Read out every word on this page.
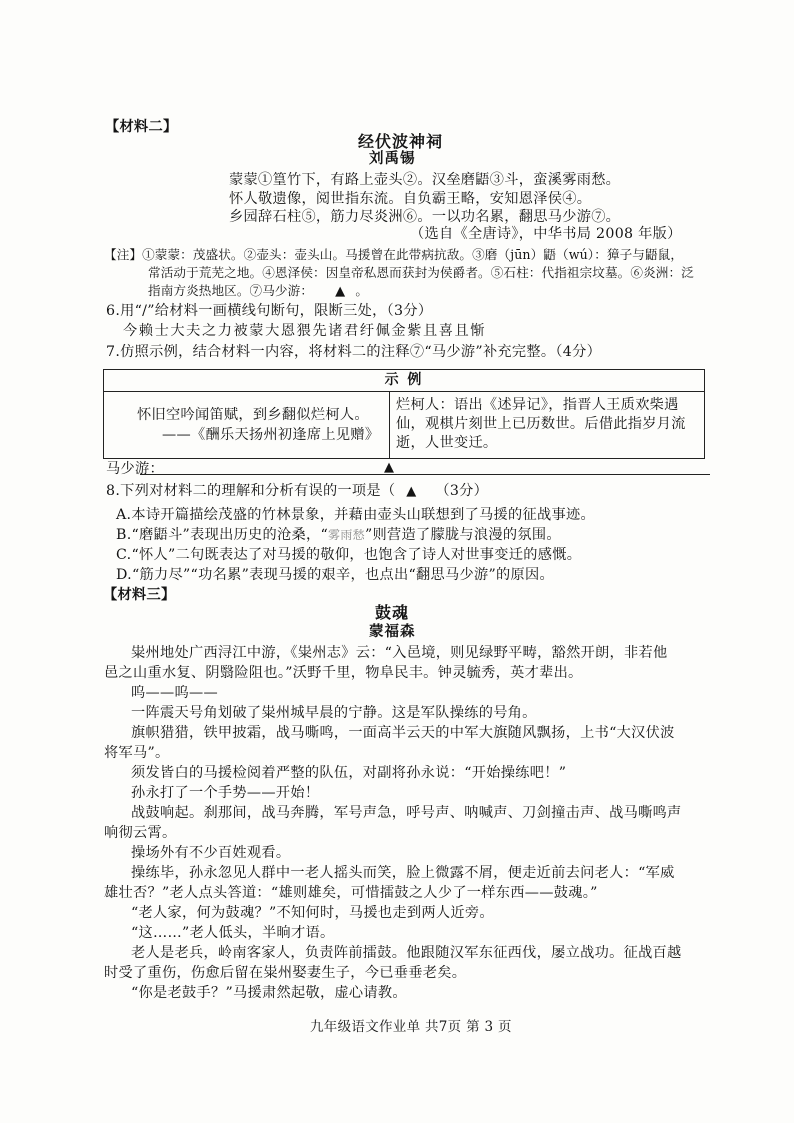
【材料二】
经伏波神祠
刘禹锡
蒙蒙①篁竹下，有路上壶头②。汉垒磨鼯③斗，蛮溪雾雨愁。
怀人敬遗像，阅世指东流。自负霸王略，安知恩泽侯④。
乡园辞石柱⑤，筋力尽炎洲⑥。一以功名累，翻思马少游⑦。
（选自《全唐诗》，中华书局 2008 年版）
【注】①蒙蒙：茂盛状。②壶头：壶头山。马援曾在此带病抗敌。③磨（jūn）鼯（wú）：獐子与鼯鼠，
常活动于荒芜之地。④恩泽侯：因皇帝私恩而获封为侯爵者。⑤石柱：代指祖宗坟墓。⑥炎洲：泛
指南方炎热地区。⑦马少游： ▲ 。
6.用“/”给材料一画横线句断句，限断三处，（3分）
今赖士大夫之力被蒙大恩猥先诸君纡佩金紫且喜且惭
7.仿照示例，结合材料一内容，将材料二的注释⑦“马少游”补充完整。（4分）
示 例

怀旧空吟闻笛赋，到乡翻似烂柯人。
——《酬乐天扬州初逢席上见赠》

烂柯人：语出《述异记》，指晋人王质欢柴遇
仙，观棋片刻世上已历数世。后借此指岁月流
逝，人世变迁。
马少游：	▲
8.下列对材料二的理解和分析有误的一项是（ ▲ （3分）
A.本诗开篇描绘茂盛的竹林景象，并藉由壶头山联想到了马援的征战事迹。
B.“磨鼯斗”表现出历史的沧桑，“雾雨愁”则营造了朦胧与浪漫的氛围。
C.“怀人”二句既表达了对马援的敬仰，也饱含了诗人对世事变迁的感慨。
D.“筋力尽”“功名累”表现马援的艰辛，也点出“翻思马少游”的原因。
【材料三】
鼓魂
蒙福森
粜州地处广西浔江中游，《粜州志》云：“入邑境，则见绿野平畴，豁然开朗，非若他
邑之山重水复、阴翳险阻也。”沃野千里，物阜民丰。钟灵毓秀，英才辈出。
呜——呜——
一阵震天号角划破了粜州城早晨的宁静。这是军队操练的号角。
旗帜猎猎，铁甲披霜，战马嘶鸣，一面高半云天的中军大旗随风飘扬，上书“大汉伏波
将军马”。
须发皆白的马援检阅着严整的队伍，对副将孙永说：“开始操练吧！”
孙永打了一个手势——开始！
战鼓响起。刹那间，战马奔腾，军号声急，呼号声、呐喊声、刀剑撞击声、战马嘶鸣声
响彻云霄。
操场外有不少百姓观看。
操练毕，孙永忽见人群中一老人摇头而笑，脸上微露不屑，便走近前去问老人：“军威
雄壮否？”老人点头答道：“雄则雄矣，可惜擂鼓之人少了一样东西——鼓魂。”
“老人家，何为鼓魂？”不知何时，马援也走到两人近旁。
“这……”老人低头，半晌才语。
老人是老兵，岭南客家人，负责阵前擂鼓。他跟随汉军东征西伐，屡立战功。征战百越
时受了重伤，伤愈后留在粜州娶妻生子，今已垂垂老矣。
“你是老鼓手？”马援肃然起敬，虚心请教。
九年级语文作业单 共7页 第 3 页
